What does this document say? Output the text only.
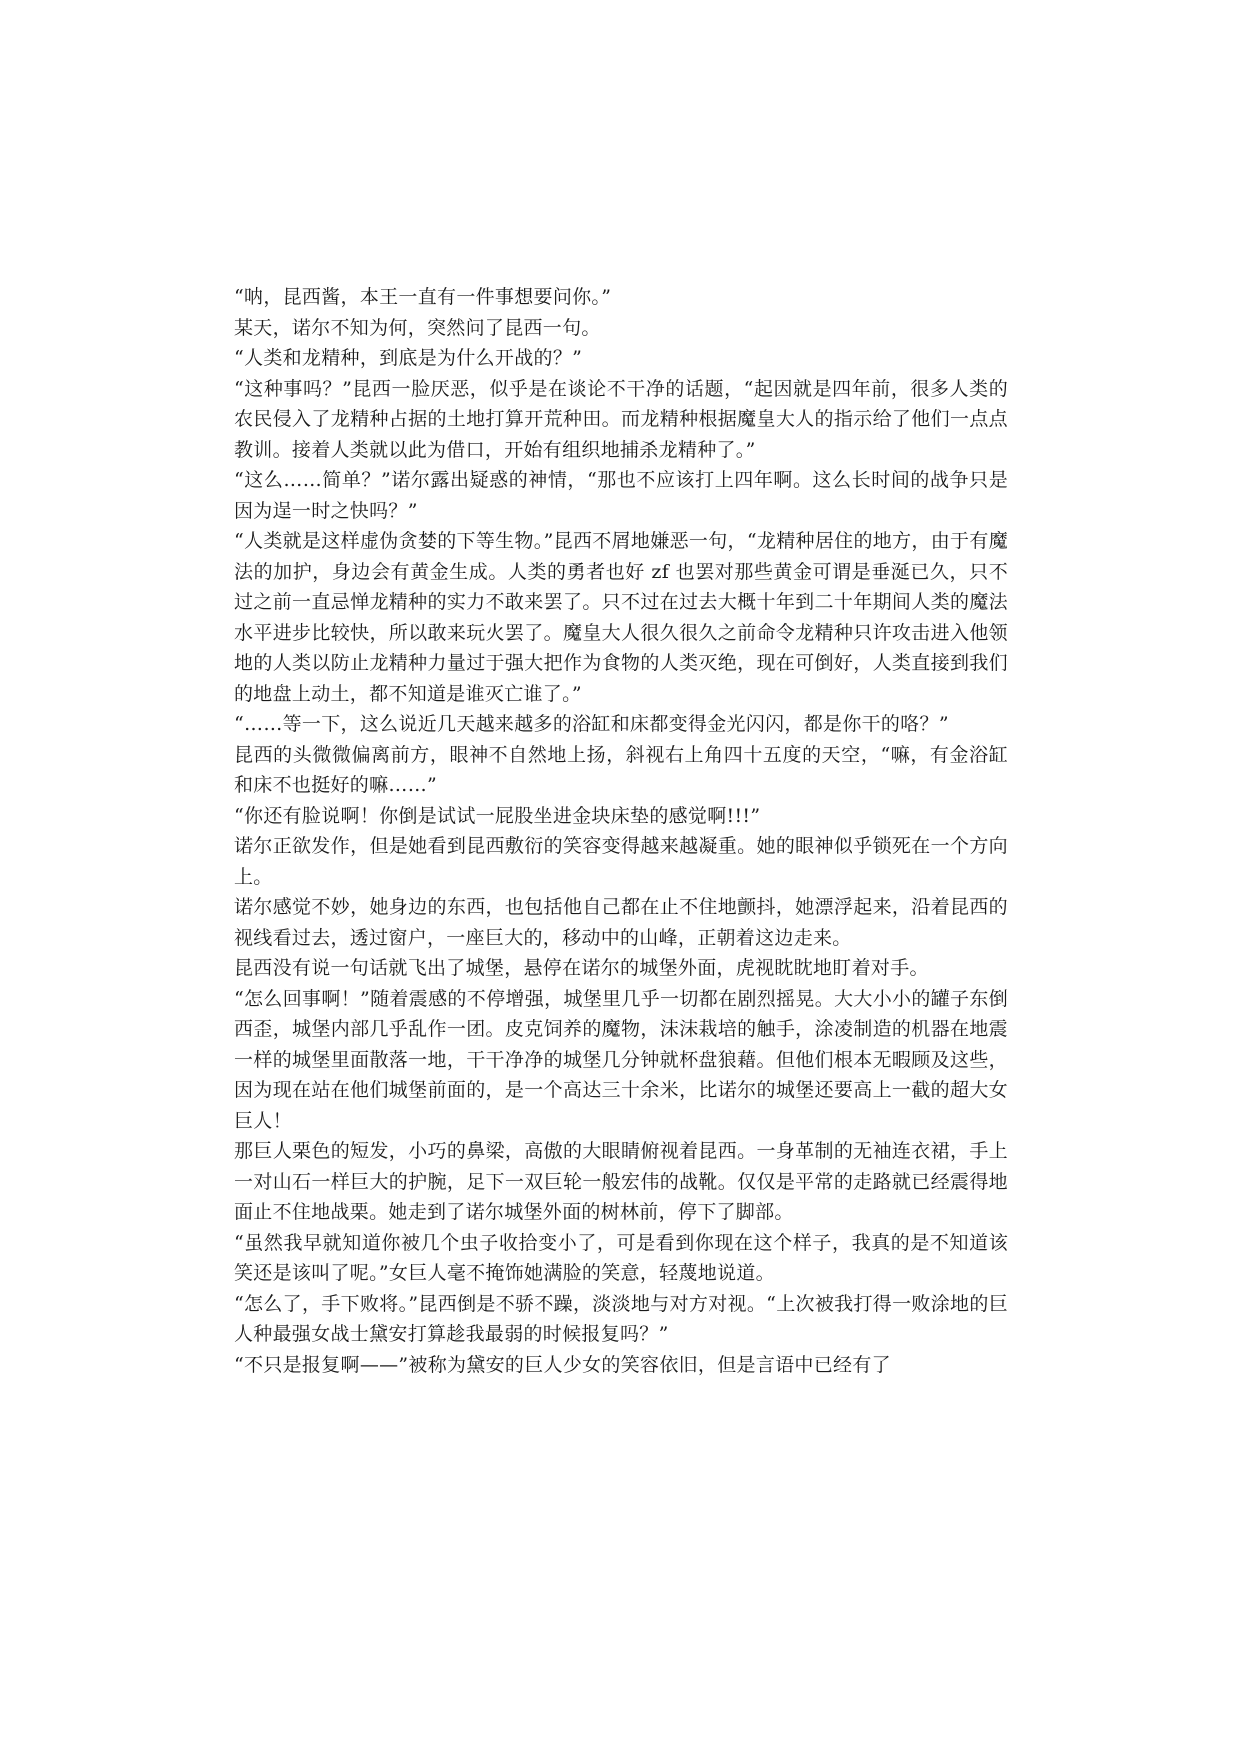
“呐，昆西酱，本王一直有一件事想要问你。”

某天，诺尔不知为何，突然问了昆西一句。

“人类和龙精种，到底是为什么开战的？”

“这种事吗？”昆西一脸厌恶，似乎是在谈论不干净的话题，“起因就是四年前，很多人类的农民侵入了龙精种占据的土地打算开荒种田。而龙精种根据魔皇大人的指示给了他们一点点教训。接着人类就以此为借口，开始有组织地捕杀龙精种了。”

“这么……简单？”诺尔露出疑惑的神情，“那也不应该打上四年啊。这么长时间的战争只是因为逞一时之快吗？”

“人类就是这样虚伪贪婪的下等生物。”昆西不屑地嫌恶一句，“龙精种居住的地方，由于有魔法的加护，身边会有黄金生成。人类的勇者也好 zf 也罢对那些黄金可谓是垂涎已久，只不过之前一直忌惮龙精种的实力不敢来罢了。只不过在过去大概十年到二十年期间人类的魔法水平进步比较快，所以敢来玩火罢了。魔皇大人很久很久之前命令龙精种只许攻击进入他领地的人类以防止龙精种力量过于强大把作为食物的人类灭绝，现在可倒好，人类直接到我们的地盘上动土，都不知道是谁灭亡谁了。”

“……等一下，这么说近几天越来越多的浴缸和床都变得金光闪闪，都是你干的咯？”

昆西的头微微偏离前方，眼神不自然地上扬，斜视右上角四十五度的天空，“嘛，有金浴缸和床不也挺好的嘛……”

“你还有脸说啊！你倒是试试一屁股坐进金块床垫的感觉啊!!!”

诺尔正欲发作，但是她看到昆西敷衍的笑容变得越来越凝重。她的眼神似乎锁死在一个方向上。

诺尔感觉不妙，她身边的东西，也包括他自己都在止不住地颤抖，她漂浮起来，沿着昆西的视线看过去，透过窗户，一座巨大的，移动中的山峰，正朝着这边走来。

昆西没有说一句话就飞出了城堡，悬停在诺尔的城堡外面，虎视眈眈地盯着对手。

“怎么回事啊！”随着震感的不停增强，城堡里几乎一切都在剧烈摇晃。大大小小的罐子东倒西歪，城堡内部几乎乱作一团。皮克饲养的魔物，沫沫栽培的触手，涂凌制造的机器在地震一样的城堡里面散落一地，干干净净的城堡几分钟就杯盘狼藉。但他们根本无暇顾及这些，因为现在站在他们城堡前面的，是一个高达三十余米，比诺尔的城堡还要高上一截的超大女巨人！

那巨人栗色的短发，小巧的鼻梁，高傲的大眼睛俯视着昆西。一身革制的无袖连衣裙，手上一对山石一样巨大的护腕，足下一双巨轮一般宏伟的战靴。仅仅是平常的走路就已经震得地面止不住地战栗。她走到了诺尔城堡外面的树林前，停下了脚部。

“虽然我早就知道你被几个虫子收拾变小了，可是看到你现在这个样子，我真的是不知道该笑还是该叫了呢。”女巨人毫不掩饰她满脸的笑意，轻蔑地说道。

“怎么了，手下败将。”昆西倒是不骄不躁，淡淡地与对方对视。“上次被我打得一败涂地的巨人种最强女战士黛安打算趁我最弱的时候报复吗？”

“不只是报复啊——”被称为黛安的巨人少女的笑容依旧，但是言语中已经有了
